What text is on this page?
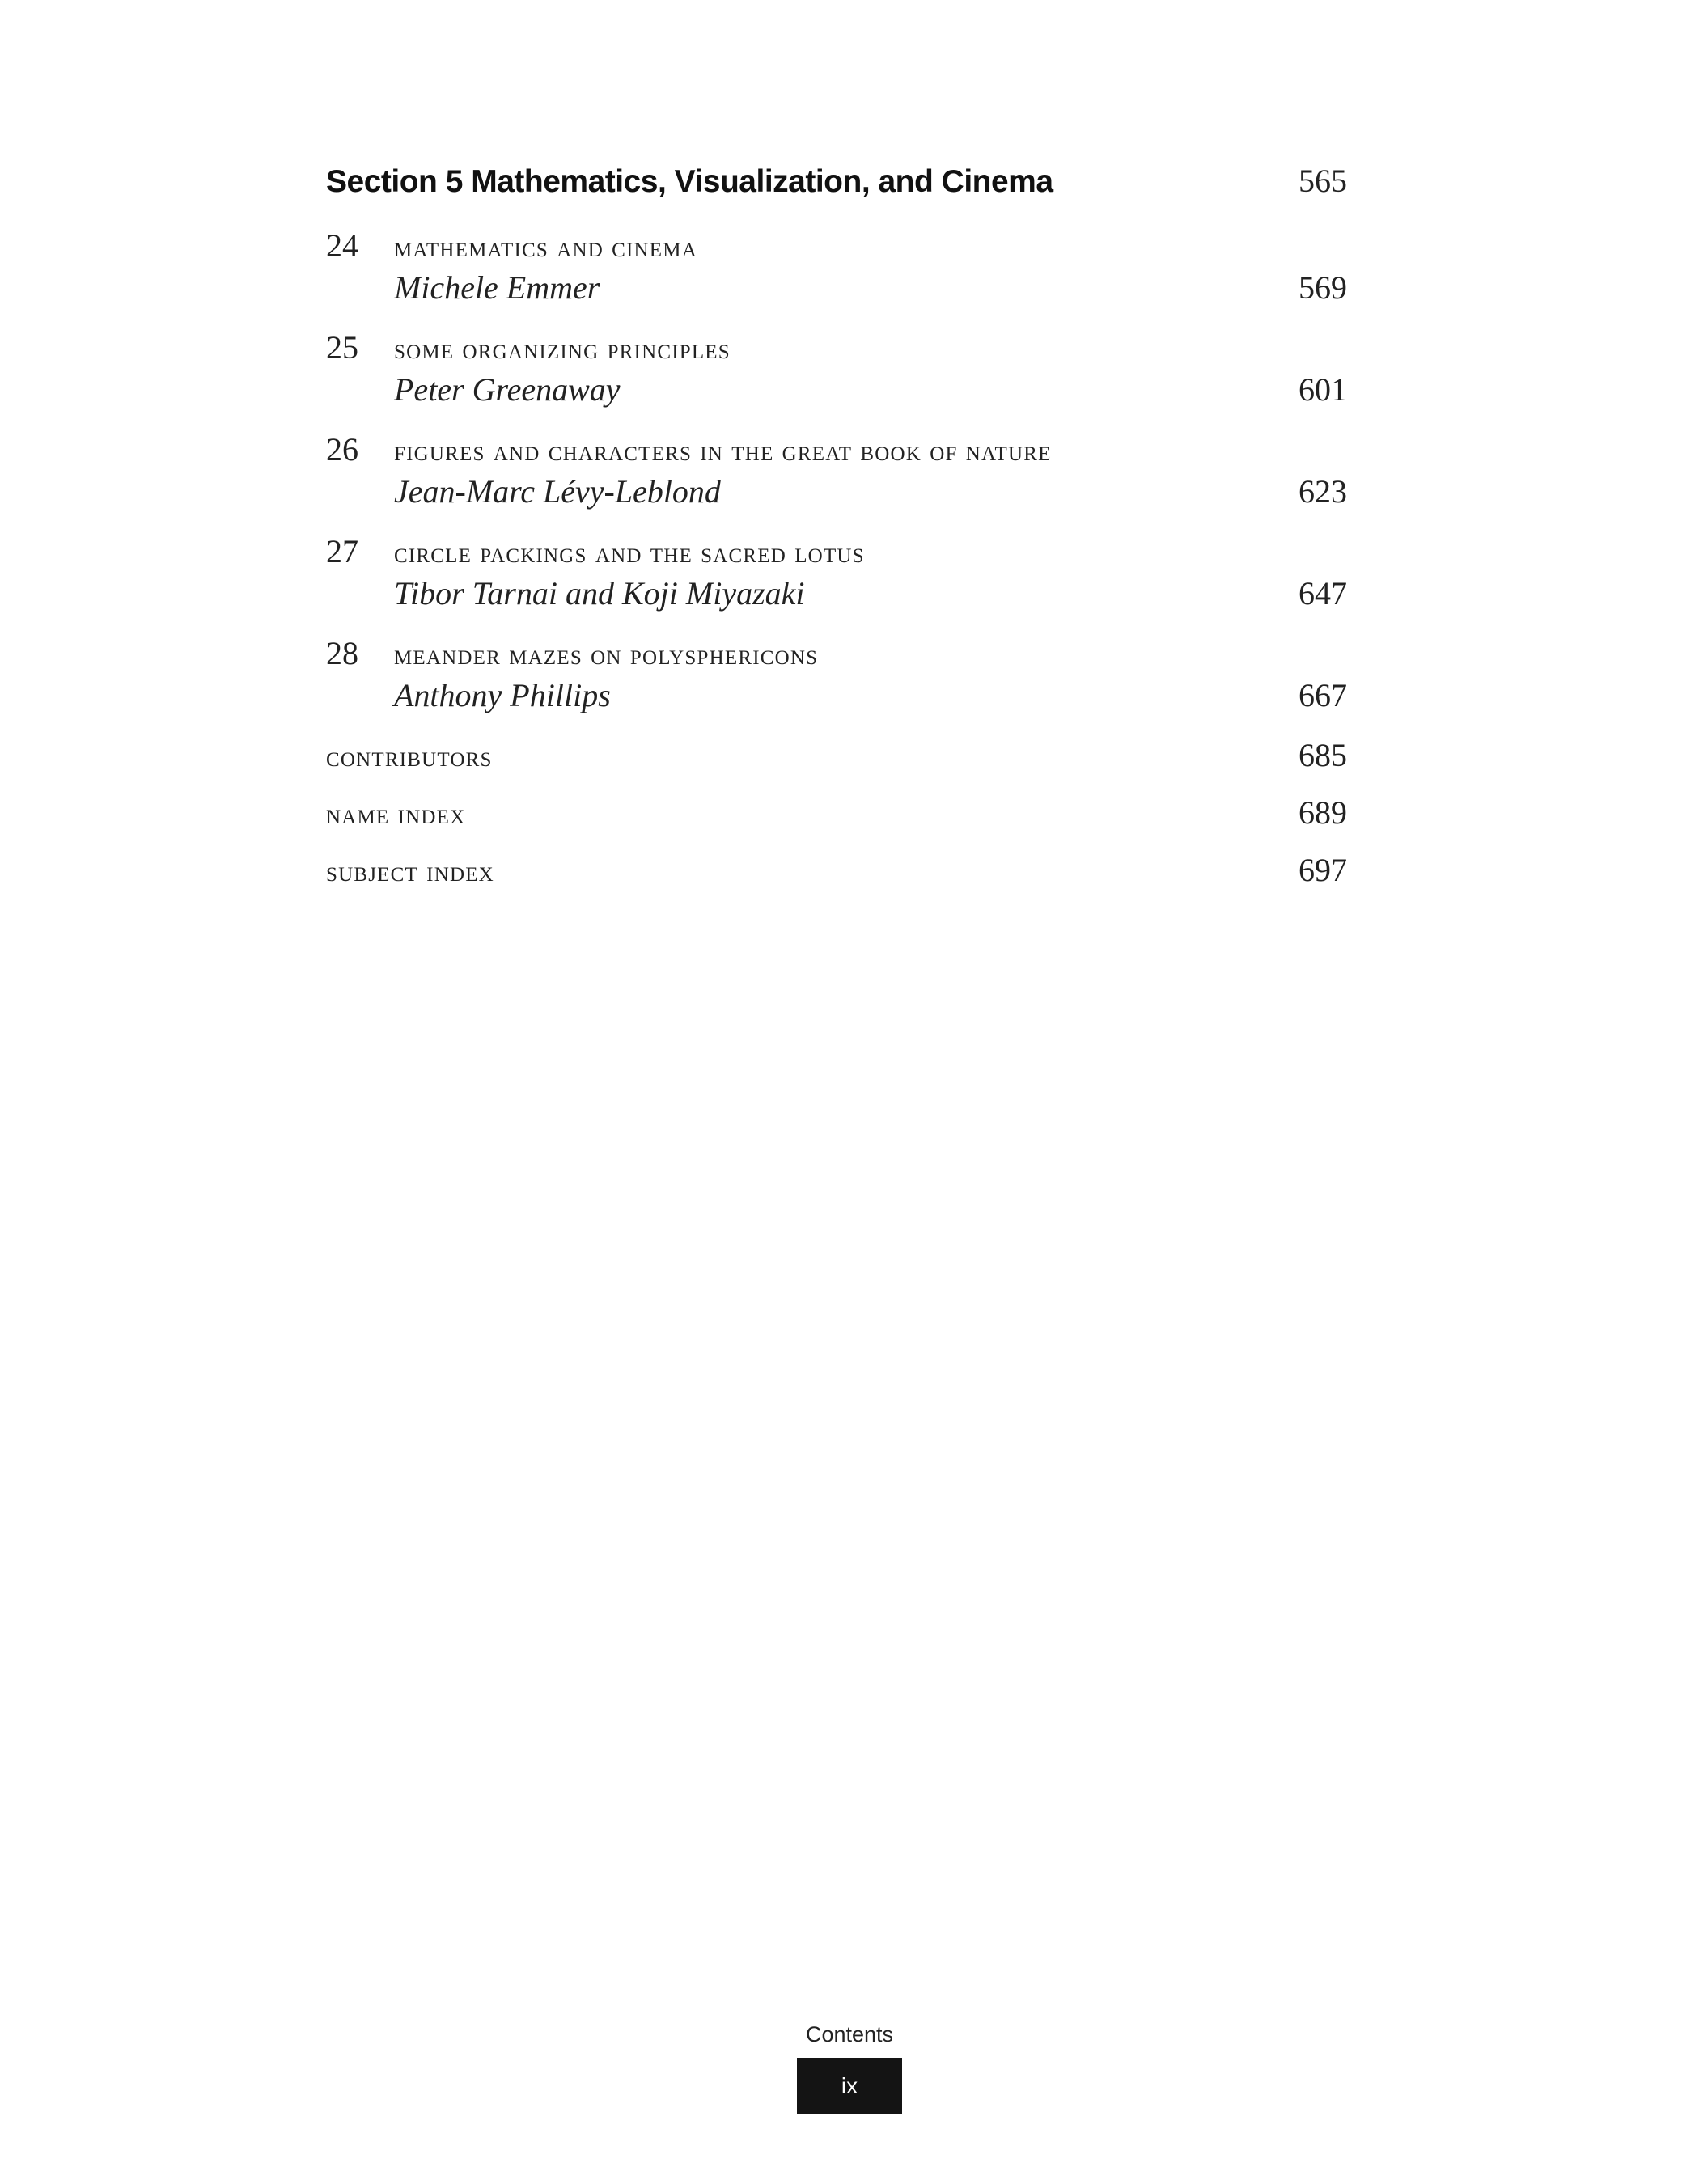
Section 5 Mathematics, Visualization, and Cinema	565
24	mathematics and cinema
Michele Emmer	569
25	some organizing principles
Peter Greenaway	601
26	figures and characters in the great book of nature
Jean-Marc Lévy-Leblond	623
27	circle packings and the sacred lotus
Tibor Tarnai and Koji Miyazaki	647
28	meander mazes on polysphericons
Anthony Phillips	667
contributors	685
name index	689
subject index	697
Contents
ix
